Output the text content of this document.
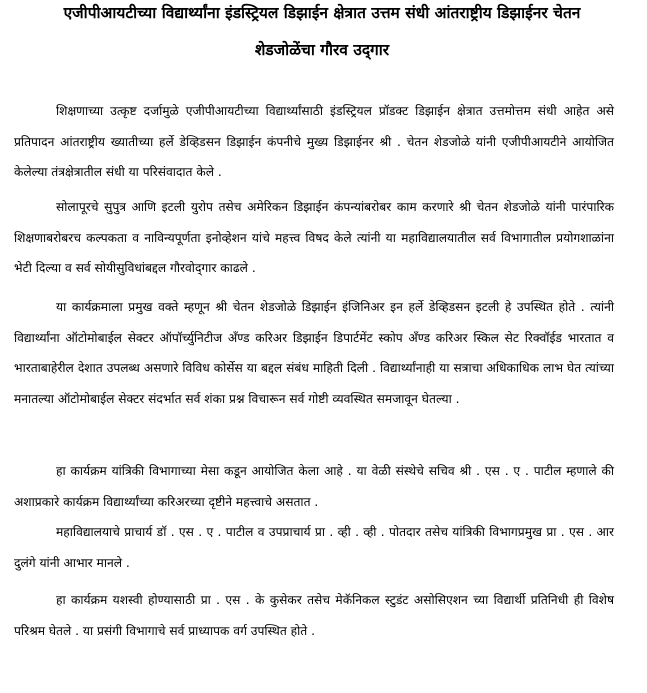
एजीपीआयटीच्या विद्यार्थ्यांना इंडस्ट्रियल डिझाईन क्षेत्रात उत्तम संधी आंतराष्ट्रीय डिझाईनर चेतन
शेडजोळेंचा गौरव उद्‌गार

शिक्षणाच्या उत्कृष्ट दर्जामुळे एजीपीआयटीच्या विद्यार्थ्यांसाठी इंडस्ट्रियल प्रॉडक्ट डिझाईन क्षेत्रात उत्तमोत्तम संधी आहेत असे प्रतिपादन आंतराष्ट्रीय ख्यातीच्या हर्ले डेव्हिडसन डिझाईन कंपनीचे मुख्य डिझाईनर श्री . चेतन शेडजोळे यांनी एजीपीआयटीने आयोजित केलेल्या तंत्रक्षेत्रातील संधी या परिसंवादात केले .

सोलापूरचे सुपुत्र आणि इटली युरोप तसेच अमेरिकन डिझाईन कंपन्यांबरोबर काम करणारे श्री चेतन शेडजोळे यांनी पारंपारिक शिक्षणाबरोबरच कल्पकता व नाविन्यपूर्णता इनोव्हेशन यांचे महत्त्व विषद केले त्यांनी या महाविद्यालयातील सर्व विभागातील प्रयोगशाळांना भेटी दिल्या व सर्व सोयीसुविधांबद्दल गौरवोद्‌गार काढले .

या कार्यक्रमाला प्रमुख वक्ते म्हणून श्री चेतन शेडजोळे डिझाईन इंजिनिअर इन हर्ले डेव्हिडसन इटली हे उपस्थित होते . त्यांनी विद्यार्थ्यांना ऑटोमोबाईल सेक्टर ऑपॉर्च्युनिटीज अँण्ड करिअर डिझाईन डिपार्टमेंट स्कोप अँण्ड करिअर स्किल सेट रिक्वॉईड भारतात व भारताबाहेरील देशात उपलब्ध असणारे विविध कोर्सेस या बद्दल संबंध माहिती दिली . विद्यार्थ्यांनाही या सत्राचा अधिकाधिक लाभ घेत त्यांच्या मनातल्या ऑटोमोबाईल सेक्टर संदर्भात सर्व शंका प्रश्न विचारून सर्व गोष्टी व्यवस्थित समजावून घेतल्या .

हा कार्यक्रम यांत्रिकी विभागाच्या मेसा कडून आयोजित केला आहे . या वेळी संस्थेचे सचिव श्री . एस . ए . पाटील म्हणाले की अशाप्रकारे कार्यक्रम विद्यार्थ्यांच्या करिअरच्या दृष्टीने महत्त्वाचे असतात .

महाविद्यालयाचे प्राचार्य डॉ . एस . ए . पाटील व उपप्राचार्य प्रा . व्ही . व्ही . पोतदार तसेच यांत्रिकी विभागप्रमुख प्रा . एस . आर दुलंगे यांनी आभार मानले .

हा कार्यक्रम यशस्वी होण्यासाठी प्रा . एस . के कुसेकर तसेच मेकॅनिकल स्टुडंट असोसिएशन च्या विद्यार्थी प्रतिनिधी ही विशेष परिश्रम घेतले . या प्रसंगी विभागाचे सर्व प्राध्यापक वर्ग उपस्थित होते .
